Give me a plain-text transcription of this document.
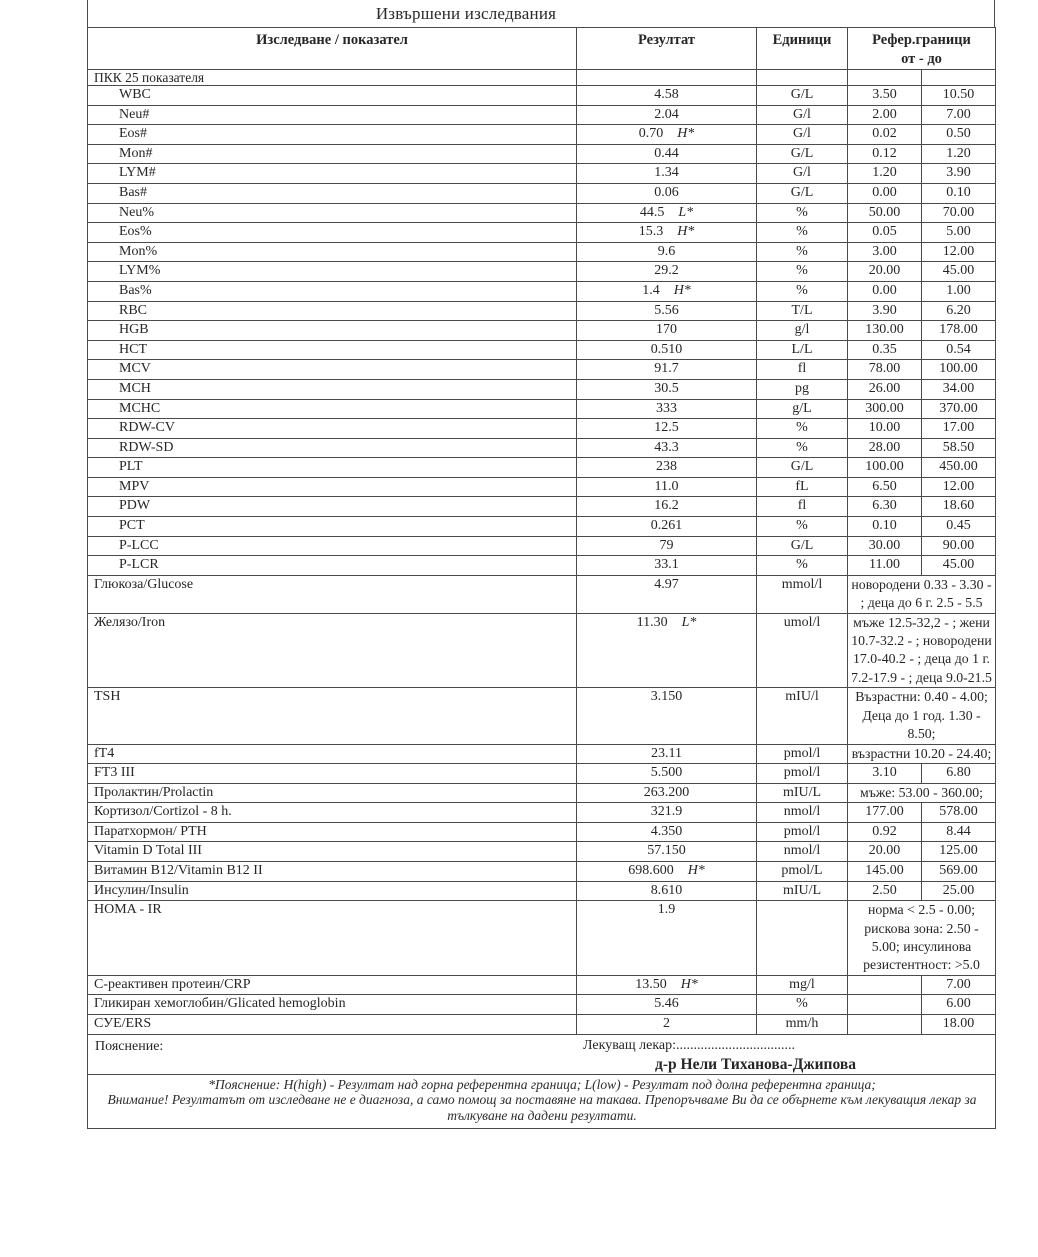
Извършени изследвания
Изследване / показател	Резултат	Единици	Рефер.граници
от - до	

ПКК 25 показателя				
WBC	4.58	G/L	3.50	10.50
Neu#	2.04	G/l	2.00	7.00
Eos#	0.70 H*	G/l	0.02	0.50
Mon#	0.44	G/L	0.12	1.20
LYM#	1.34	G/l	1.20	3.90
Bas#	0.06	G/L	0.00	0.10
Neu%	44.5 L*	%	50.00	70.00
Eos%	15.3 H*	%	0.05	5.00
Mon%	9.6	%	3.00	12.00
LYM%	29.2	%	20.00	45.00
Bas%	1.4 H*	%	0.00	1.00
RBC	5.56	T/L	3.90	6.20
HGB	170	g/l	130.00	178.00
HCT	0.510	L/L	0.35	0.54
MCV	91.7	fl	78.00	100.00
MCH	30.5	pg	26.00	34.00
MCHC	333	g/L	300.00	370.00
RDW-CV	12.5	%	10.00	17.00
RDW-SD	43.3	%	28.00	58.50
PLT	238	G/L	100.00	450.00
MPV	11.0	fL	6.50	12.00
PDW	16.2	fl	6.30	18.60
PCT	0.261	%	0.10	0.45
P-LCC	79	G/L	30.00	90.00
P-LCR	33.1	%	11.00	45.00
Глюкоза/Glucose	4.97	mmol/l	новородени 0.33 - 3.30 - ; деца до 6 г. 2.5 - 5.5	
Желязо/Iron	11.30 L*	umol/l	мъже 12.5-32,2 - ; жени 10.7-32.2 - ; новородени 17.0-40.2 - ; деца до 1 г. 7.2-17.9 - ; деца 9.0-21.5	
TSH	3.150	mIU/l	Възрастни: 0.40 - 4.00; Деца до 1 год. 1.30 - 8.50;	
fT4	23.11	pmol/l	възрастни 10.20 - 24.40;	
FT3 III	5.500	pmol/l	3.10	6.80
Пролактин/Prolactin	263.200	mIU/L	мъже: 53.00 - 360.00;	
Кортизол/Cortizol - 8 h.	321.9	nmol/l	177.00	578.00
Паратхормон/ PTH	4.350	pmol/l	0.92	8.44
Vitamin D Total III	57.150	nmol/l	20.00	125.00
Витамин B12/Vitamin B12 II	698.600 H*	pmol/L	145.00	569.00
Инсулин/Insulin	8.610	mIU/L	2.50	25.00
HOMA - IR	1.9		норма < 2.5 - 0.00; рискова зона: 2.50 - 5.00; инсулинова резистентност: >5.0	
С-реактивен протеин/CRP	13.50 H*	mg/l		7.00
Гликиран хемоглобин/Glicated hemoglobin	5.46	%		6.00
СУЕ/ERS	2	mm/h		18.00

Пояснение: Лекуващ лекар:..................................
д-р Нели Тиханова-Джипова				

*Пояснение: H(high) - Резултат над горна референтна граница; L(low) - Резултат под долна референтна граница;
Внимание! Резултатът от изследване не е диагноза, а само помощ за поставяне на такава. Препоръчваме Ви да се обърнете към лекуващия лекар за тълкуване на дадени резултати.				
